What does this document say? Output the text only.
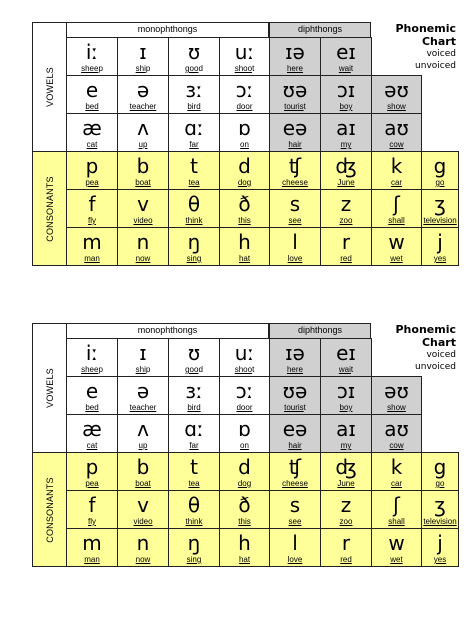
monophthongs	diphthongs
VOWELS
CONSONANTS
Phonemic
Chart
voiced
unvoiced
iː
sheep
ɪ
ship
ʊ
good
uː
shoot
ɪə
here
eɪ
wait
e
bed
ə
teacher
ɜː
bird
ɔː
door
ʊə
tourist
ɔɪ
boy
əʊ
show
æ
cat
ʌ
up
ɑː
far
ɒ
on
eə
hair
aɪ
my
aʊ
cow
p
pea
b
boat
t
tea
d
dog
ʧ
cheese
ʤ
June
k
car
g
go
f
fly
v
video
θ
think
ð
this
s
see
z
zoo
ʃ
shall
ʒ
television
m
man
n
now
ŋ
sing
h
hat
l
love
r
red
w
wet
j
yes
monophthongs	diphthongs
VOWELS
CONSONANTS
Phonemic
Chart
voiced
unvoiced
iː
sheep
ɪ
ship
ʊ
good
uː
shoot
ɪə
here
eɪ
wait
e
bed
ə
teacher
ɜː
bird
ɔː
door
ʊə
tourist
ɔɪ
boy
əʊ
show
æ
cat
ʌ
up
ɑː
far
ɒ
on
eə
hair
aɪ
my
aʊ
cow
p
pea
b
boat
t
tea
d
dog
ʧ
cheese
ʤ
June
k
car
g
go
f
fly
v
video
θ
think
ð
this
s
see
z
zoo
ʃ
shall
ʒ
television
m
man
n
now
ŋ
sing
h
hat
l
love
r
red
w
wet
j
yes
